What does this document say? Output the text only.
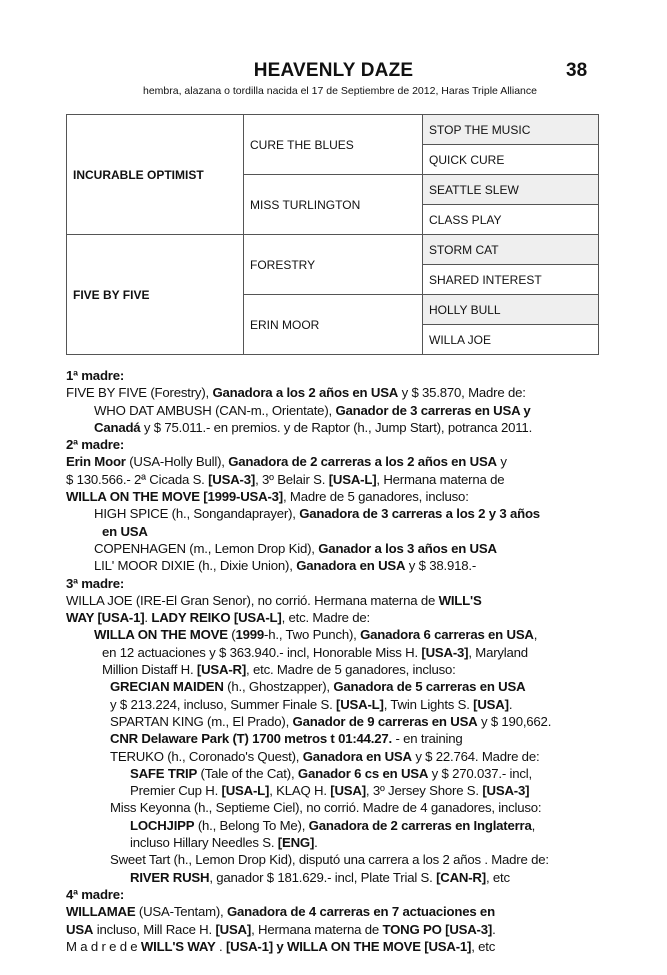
HEAVENLY DAZE	38
hembra, alazana o tordilla nacida el 17 de Septiembre de 2012, Haras Triple Alliance
INCURABLE OPTIMIST	CURE THE BLUES	STOP THE MUSIC
		QUICK CURE
	MISS TURLINGTON	SEATTLE SLEW
		CLASS PLAY
FIVE BY FIVE	FORESTRY	STORM CAT
		SHARED INTEREST
	ERIN MOOR	HOLLY BULL
		WILLA JOE

1ª madre:

FIVE BY FIVE (Forestry), Ganadora a los 2 años en USA y $ 35.870, Madre de:

WHO DAT AMBUSH (CAN-m., Orientate), Ganador de 3 carreras en USA y

Canadá y $ 75.011.- en premios. y de Raptor (h., Jump Start), potranca 2011.

2ª madre:

Erin Moor (USA-Holly Bull), Ganadora de 2 carreras a los 2 años en USA y

$ 130.566.- 2ª Cicada S. [USA-3], 3º Belair S. [USA-L], Hermana materna de

WILLA ON THE MOVE [1999-USA-3], Madre de 5 ganadores, incluso:

HIGH SPICE (h., Songandaprayer), Ganadora de 3 carreras a los 2 y 3 años

en USA

COPENHAGEN (m., Lemon Drop Kid), Ganador a los 3 años en USA

LIL' MOOR DIXIE (h., Dixie Union), Ganadora en USA y $ 38.918.-

3ª madre:

WILLA JOE (IRE-El Gran Senor), no corrió. Hermana materna de WILL'S

WAY [USA-1]. LADY REIKO [USA-L], etc. Madre de:

WILLA ON THE MOVE (1999-h., Two Punch), Ganadora 6 carreras en USA,

en 12 actuaciones y $ 363.940.- incl, Honorable Miss H. [USA-3], Maryland

Million Distaff H. [USA-R], etc. Madre de 5 ganadores, incluso:

GRECIAN MAIDEN (h., Ghostzapper), Ganadora de 5 carreras en USA

y $ 213.224, incluso, Summer Finale S. [USA-L], Twin Lights S. [USA].

SPARTAN KING (m., El Prado), Ganador de 9 carreras en USA y $ 190,662.

CNR Delaware Park (T) 1700 metros t 01:44.27. - en training

TERUKO (h., Coronado's Quest), Ganadora en USA y $ 22.764. Madre de:

SAFE TRIP (Tale of the Cat), Ganador 6 cs en USA y $ 270.037.- incl,

Premier Cup H. [USA-L], KLAQ H. [USA], 3º Jersey Shore S. [USA-3]

Miss Keyonna (h., Septieme Ciel), no corrió. Madre de 4 ganadores, incluso:

LOCHJIPP (h., Belong To Me), Ganadora de 2 carreras en Inglaterra,

incluso Hillary Needles S. [ENG].

Sweet Tart (h., Lemon Drop Kid), disputó una carrera a los 2 años . Madre de:

RIVER RUSH, ganador $ 181.629.- incl, Plate Trial S. [CAN-R], etc

4ª madre:

WILLAMAE (USA-Tentam), Ganadora de 4 carreras en 7 actuaciones en

USA incluso, Mill Race H. [USA], Hermana materna de TONG PO [USA-3].

M a d r e d e WILL'S WAY . [USA-1] y WILLA ON THE MOVE [USA-1], etc
